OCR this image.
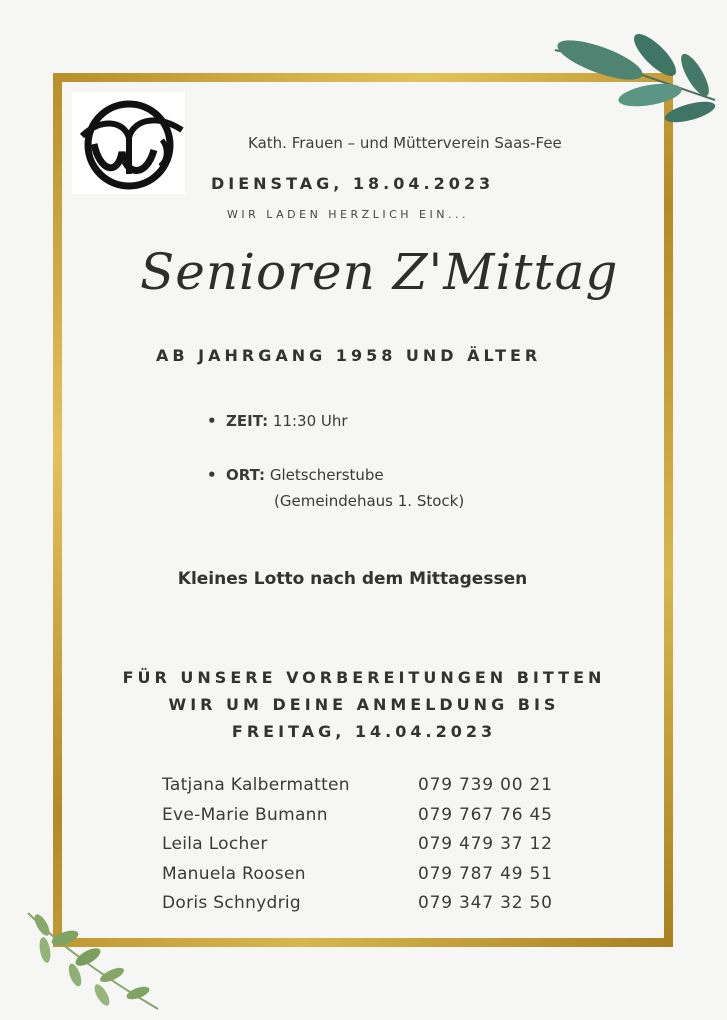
Kath. Frauen – und Mütterverein Saas-Fee
DIENSTAG, 18.04.2023
WIR LADEN HERZLICH EIN...
Senioren Z'Mittag
AB JAHRGANG 1958 UND ÄLTER
• ZEIT: 11:30 Uhr
• ORT: Gletscherstube
(Gemeindehaus 1. Stock)
Kleines Lotto nach dem Mittagessen
FÜR UNSERE VORBEREITUNGEN BITTEN
WIR UM DEINE ANMELDUNG BIS
FREITAG, 14.04.2023
Tatjana Kalbermatten	079 739 00 21
Eve-Marie Bumann	079 767 76 45
Leila Locher	079 479 37 12
Manuela Roosen	079 787 49 51
Doris Schnydrig	079 347 32 50
